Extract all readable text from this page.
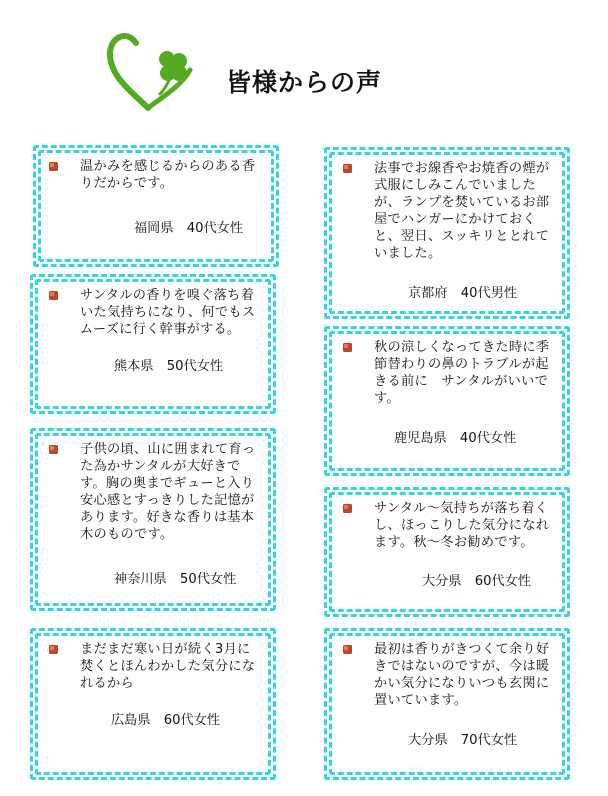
皆様からの声
温かみを感じるからのある香りだからです。
福岡県　40代女性
サンタルの香りを嗅ぐ落ち着いた気持ちになり、何でもスムーズに行く幹事がする。
熊本県　50代女性
子供の頃、山に囲まれて育った為かサンタルが大好きです。胸の奥までギューと入り安心感とすっきりした記憶があります。好きな香りは基本木のものです。
神奈川県　50代女性
まだまだ寒い日が続く3月に焚くとほんわかした気分になれるから
広島県　60代女性
法事でお線香やお焼香の煙が式服にしみこんでいましたが、ランプを焚いているお部屋でハンガーにかけておくと、翌日、スッキリととれていました。
京都府　40代男性
秋の涼しくなってきた時に季節替わりの鼻のトラブルが起きる前に　サンタルがいいです。
鹿児島県　40代女性
サンタル～気持ちが落ち着くし、ほっこりした気分になれます。秋～冬お勧めです。
大分県　60代女性
最初は香りがきつくて余り好きではないのですが、今は暖かい気分になりいつも玄関に置いています。
大分県　70代女性
